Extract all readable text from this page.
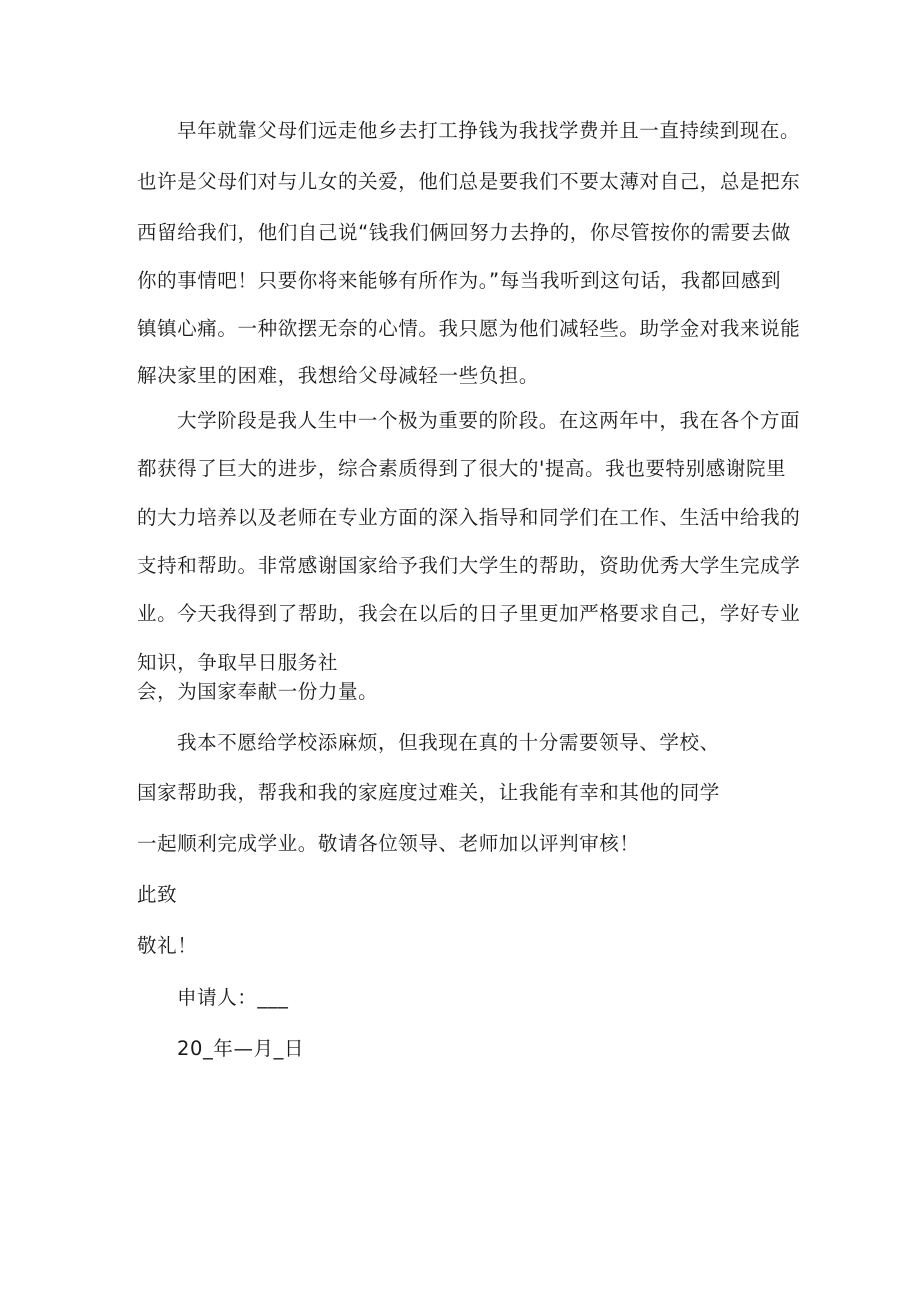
早年就靠父母们远走他乡去打工挣钱为我找学费并且一直持续到现在。
也许是父母们对与儿女的关爱，他们总是要我们不要太薄对自己，总是把东
西留给我们，他们自己说“钱我们俩回努力去挣的，你尽管按你的需要去做
你的事情吧！只要你将来能够有所作为。”每当我听到这句话，我都回感到
镇镇心痛。一种欲摆无奈的心情。我只愿为他们减轻些。助学金对我来说能
解决家里的困难，我想给父母减轻一些负担。
大学阶段是我人生中一个极为重要的阶段。在这两年中，我在各个方面
都获得了巨大的进步，综合素质得到了很大的'提高。我也要特别感谢院里
的大力培养以及老师在专业方面的深入指导和同学们在工作、生活中给我的
支持和帮助。非常感谢国家给予我们大学生的帮助，资助优秀大学生完成学
业。今天我得到了帮助，我会在以后的日子里更加严格要求自己，学好专业
知识，争取早日服务社
会，为国家奉献一份力量。
我本不愿给学校添麻烦，但我现在真的十分需要领导、学校、
国家帮助我，帮我和我的家庭度过难关，让我能有幸和其他的同学
一起顺利完成学业。敬请各位领导、老师加以评判审核！
此致
敬礼！
申请人：___
20_年—月_日
